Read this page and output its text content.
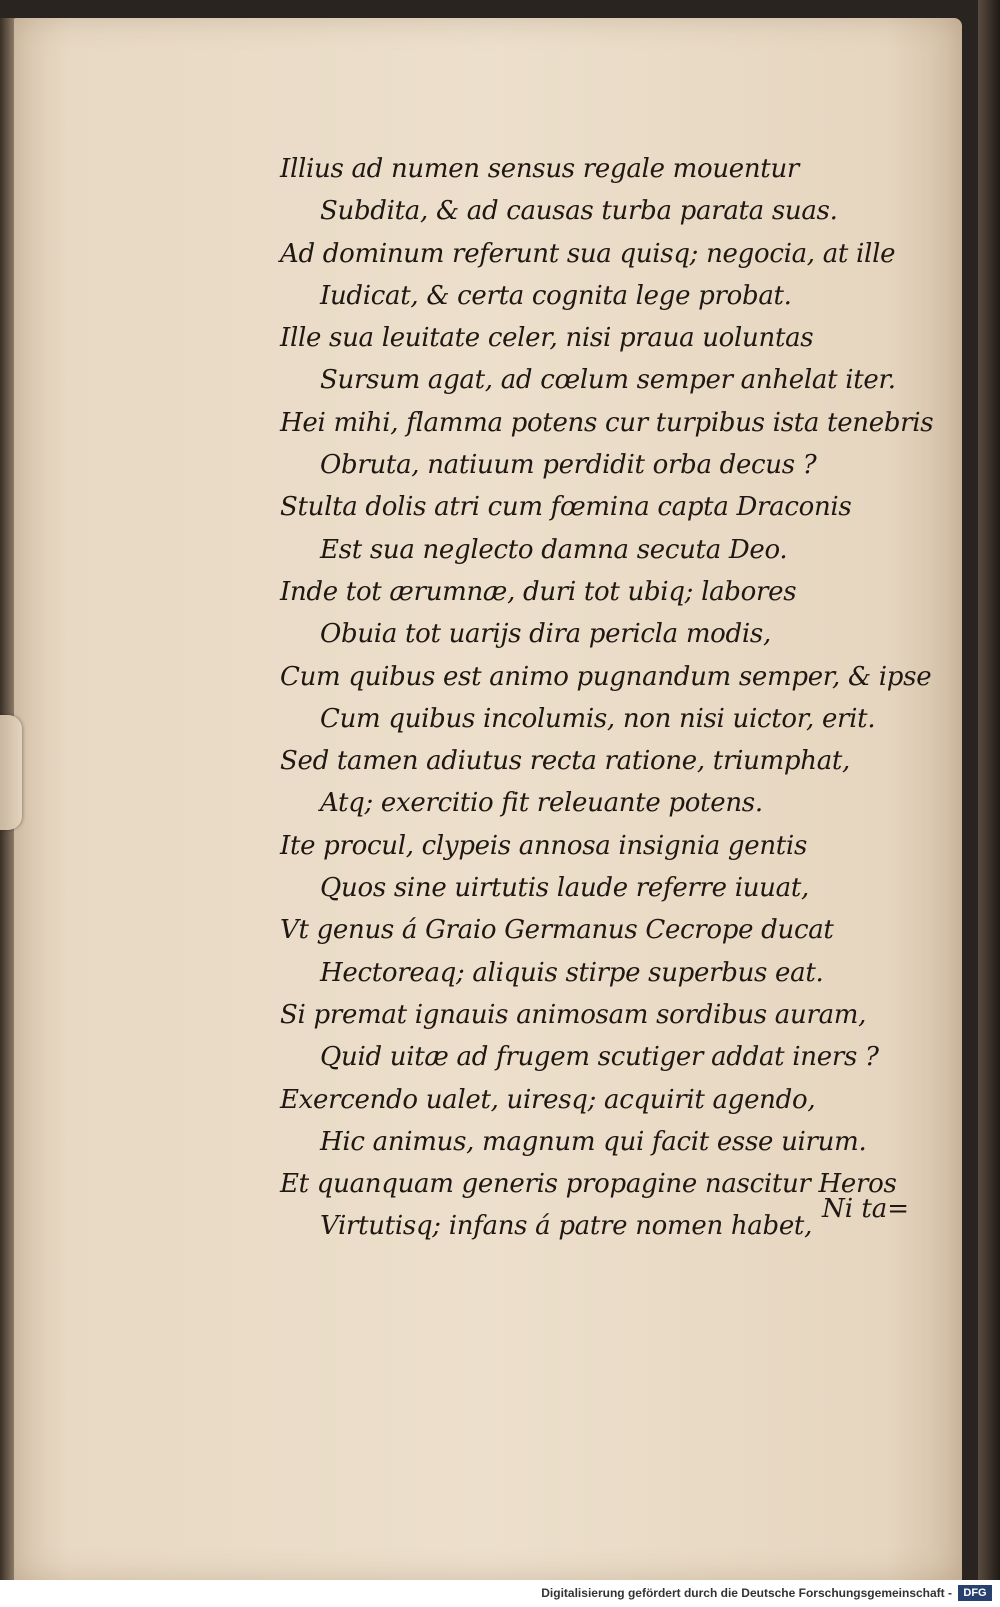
Illius ad numen sensus regale mouentur
Subdita, & ad causas turba parata suas.
Ad dominum referunt sua quisq; negocia, at ille
Iudicat, & certa cognita lege probat.
Ille sua leuitate celer, nisi praua uoluntas
Sursum agat, ad cœlum semper anhelat iter.
Hei mihi, flamma potens cur turpibus ista tenebris
Obruta, natiuum perdidit orba decus ?
Stulta dolis atri cum fœmina capta Draconis
Est sua neglecto damna secuta Deo.
Inde tot ærumnæ, duri tot ubiq; labores
Obuia tot uarijs dira pericla modis,
Cum quibus est animo pugnandum semper, & ipse
Cum quibus incolumis, non nisi uictor, erit.
Sed tamen adiutus recta ratione, triumphat,
Atq; exercitio fit releuante potens.
Ite procul, clypeis annosa insignia gentis
Quos sine uirtutis laude referre iuuat,
Vt genus á Graio Germanus Cecrope ducat
Hectoreaq; aliquis stirpe superbus eat.
Si premat ignauis animosam sordibus auram,
Quid uitæ ad frugem scutiger addat iners ?
Exercendo ualet, uiresq; acquirit agendo,
Hic animus, magnum qui facit esse uirum.
Et quanquam generis propagine nascitur Heros
Virtutisq; infans á patre nomen habet,
Ni ta=
Digitalisierung gefördert durch die Deutsche Forschungsgemeinschaft -	DFG
